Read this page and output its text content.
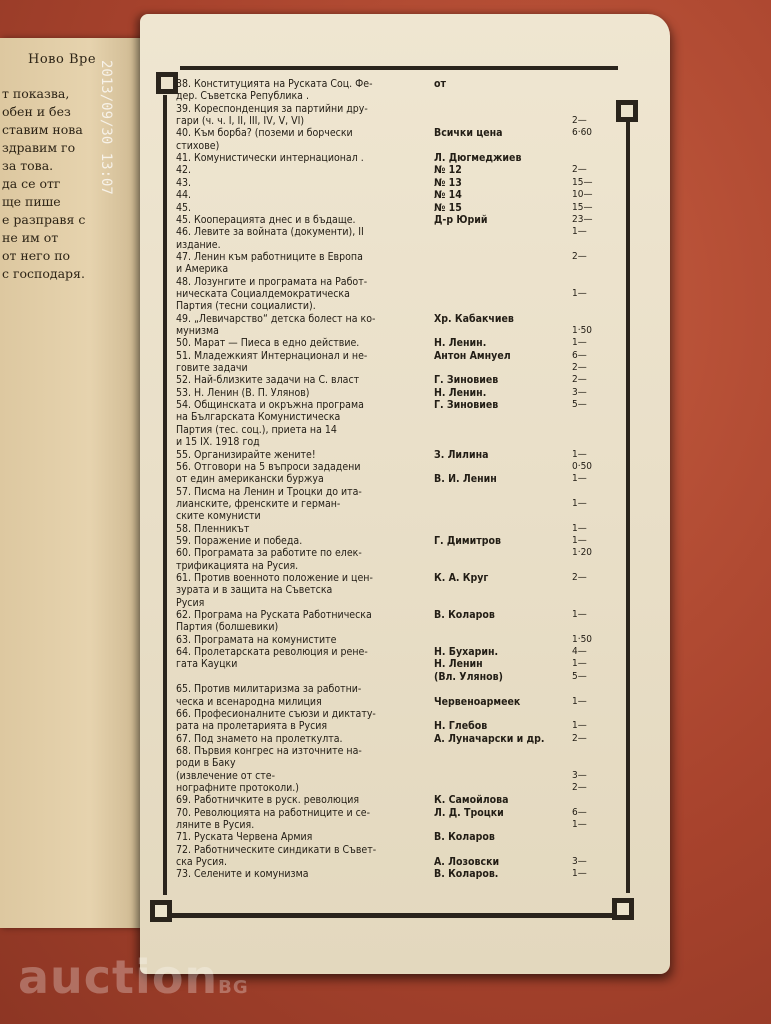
Ново Вре
т показва,
обен и без
ставим нова
здравим го
за това.
да се отг
ще пише
е разправя с
не им от
от него по
с господаря.
38. Конституцията на Руската Соц. Фе-	от
дер. Съветска Република .
39. Кореспонденция за партийни дру-
гари (ч. ч. I, II, III, IV, V, VI)	2—
40. Към борба? (поземи и борчески	Всички цена	6·60
стихове)
41. Комунистически интернационал .	Л. Дюгмеджиев
42.	№ 12	2—
43.	№ 13	15—
44.	№ 14	10—
45.	№ 15	15—
45. Кооперацията днес и в бъдаще.	Д-р Юрий	23—
46. Левите за войната (документи), II	1—
издание.
47. Ленин към работниците в Европа	2—
и Америка
48. Лозунгите и програмата на Работ-
ническата Социалдемократическа	1—
Партия (тесни социалисти).
49. „Левичарство“ детска болест на ко-	Хр. Кабакчиев
мунизма	1·50
50. Марат — Пиеса в едно действие.	Н. Ленин.	1—
51. Младежкият Интернационал и не-	Антон Амнуел	6—
говите задачи	2—
52. Най-близките задачи на С. власт	Г. Зиновиев	2—
53. Н. Ленин (В. П. Улянов)	Н. Ленин.	3—
54. Общинската и окръжна програма	Г. Зиновиев	5—
на Българската Комунистическа
Партия (тес. соц.), приета на 14
и 15 IX. 1918 год
55. Организирайте жените!	З. Лилина	1—
56. Отговори на 5 въпроси зададени	0·50
от един американски буржуа	В. И. Ленин	1—
57. Писма на Ленин и Троцки до ита-
лианските, френските и герман-	1—
ските комунисти
58. Пленникът	1—
59. Поражение и победа.	Г. Димитров	1—
60. Програмата за работите по елек-	1·20
трификацията на Русия.
61. Против военното положение и цен-	К. А. Круг	2—
зурата и в защита на Съветска
Русия
62. Програма на Руската Работническа	В. Коларов	1—
Партия (болшевики)
63. Програмата на комунистите	1·50
64. Пролетарската революция и ренe-	Н. Бухарин.	4—
гата Кауцки	Н. Ленин	1—
(Вл. Улянов)	5—
65. Против милитаризма за работни-
ческа и всенародна милиция	Червеноармеек	1—
66. Професионалните съюзи и диктату-
рата на пролетарията в Русия	Н. Глебов	1—
67. Под знамето на пролеткулта.	А. Луначарски и др.	2—
68. Първия конгрес на източните на-
роди в Баку
(извлечение от сте-	3—
нографните протоколи.)	2—
69. Работничките в руск. революция	К. Самойлова
70. Революцията на работниците и се-	Л. Д. Троцки	6—
ляните в Русия.	1—
71. Руската Червена Армия	В. Коларов
72. Работническите синдикати в Съвет-
ска Русия.	А. Лозовски	3—
73. Селените и комунизма	В. Коларов.	1—
2013/09/30 13:07
auctionBG
